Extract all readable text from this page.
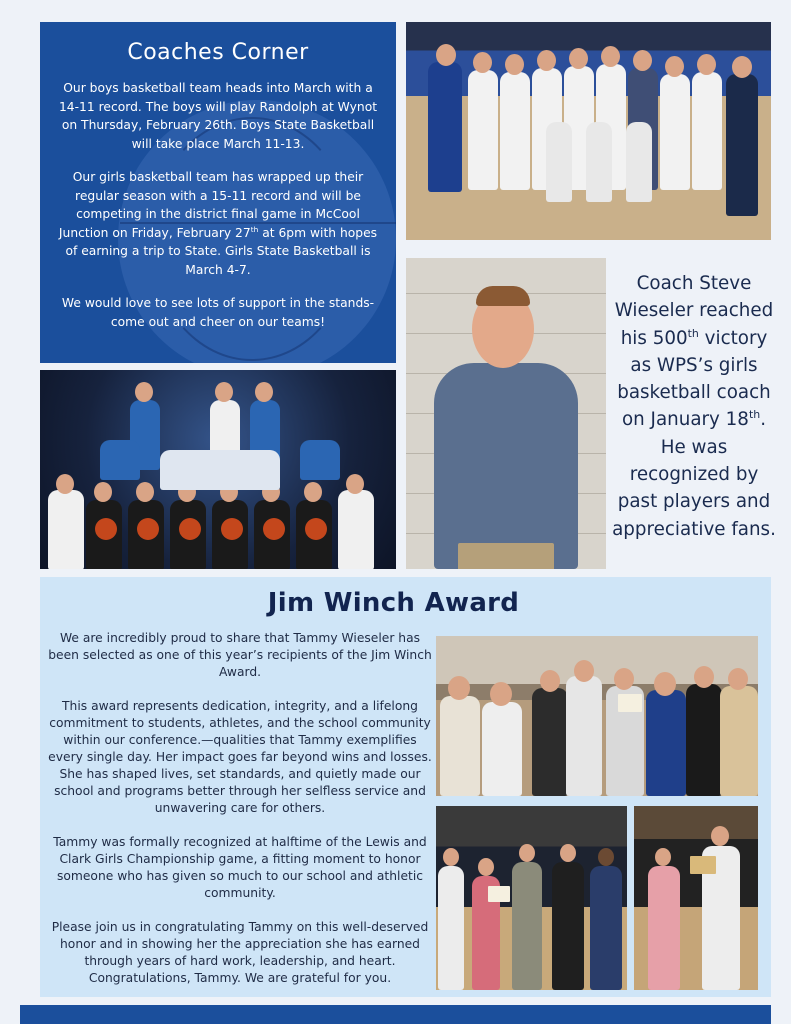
Coaches Corner

Our boys basketball team heads into March with a 14-11 record. The boys will play Randolph at Wynot on Thursday, February 26th. Boys State Basketball will take place March 11-13.

Our girls basketball team has wrapped up their regular season with a 15-11 record and will be competing in the district final game in McCool Junction on Friday, February 27th at 6pm with hopes of earning a trip to State. Girls State Basketball is March 4-7.

We would love to see lots of support in the stands- come out and cheer on our teams!

Coach Steve Wieseler reached his 500th victory as WPS’s girls basketball coach on January 18th. He was recognized by past players and appreciative fans.
Jim Winch Award

We are incredibly proud to share that Tammy Wieseler has been selected as one of this year’s recipients of the Jim Winch Award.

This award represents dedication, integrity, and a lifelong commitment to students, athletes, and the school community within our conference.—qualities that Tammy exemplifies every single day. Her impact goes far beyond wins and losses. She has shaped lives, set standards, and quietly made our school and programs better through her selfless service and unwavering care for others.

Tammy was formally recognized at halftime of the Lewis and Clark Girls Championship game, a fitting moment to honor someone who has given so much to our school and athletic community.

Please join us in congratulating Tammy on this well-deserved honor and in showing her the appreciation she has earned through years of hard work, leadership, and heart. Congratulations, Tammy. We are grateful for you.
